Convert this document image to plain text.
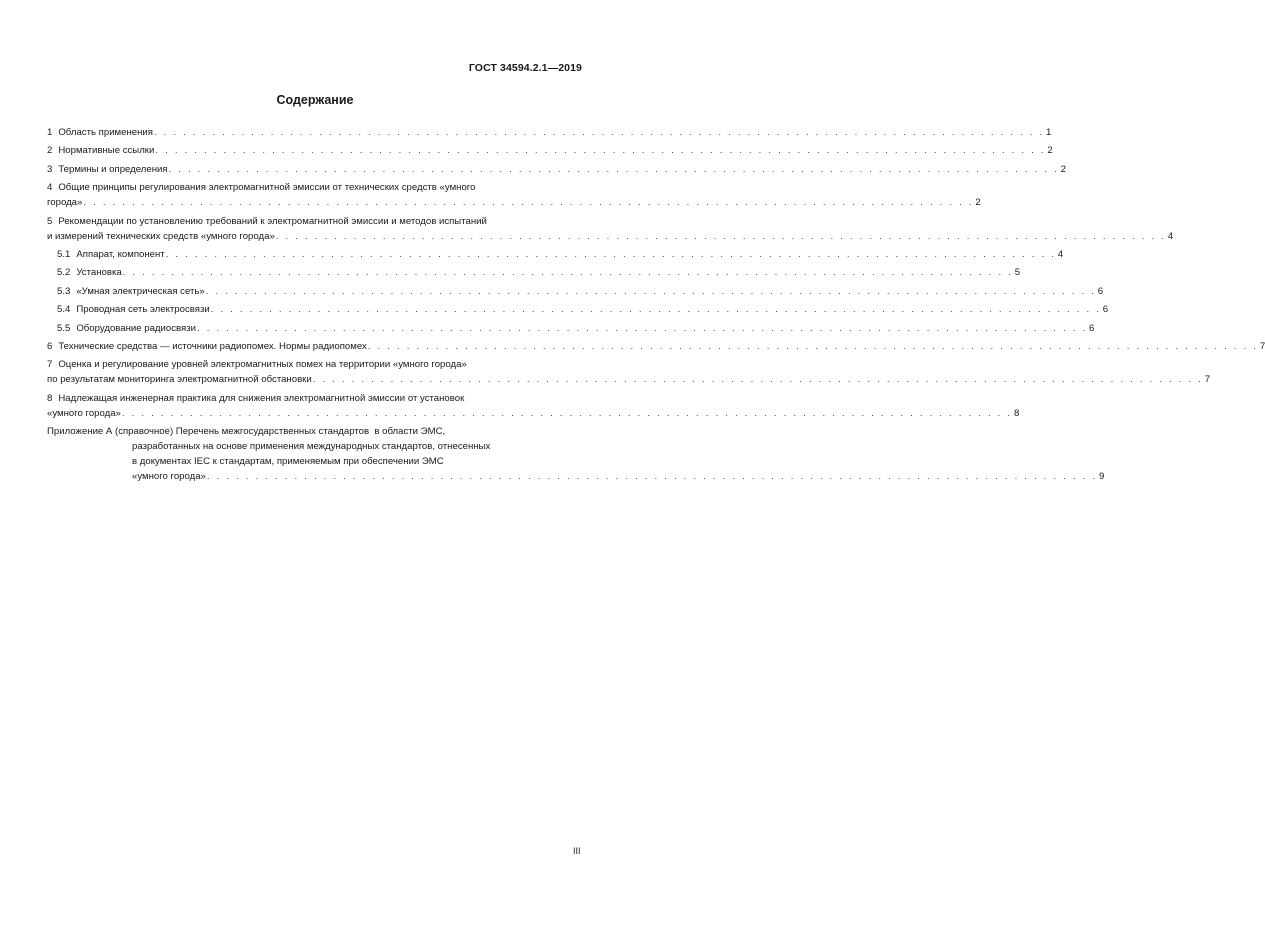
ГОСТ 34594.2.1—2019
Содержание
1 Область применения . . . . . . . . . . . . . . . . . . . . . . . . . . . . . . . . . . . . . . . . . . . . . . . . . . . . . . . . . . . . . . . . . . . . . . . . . . . . . . . . . . . . . . . . . . . . 1
2 Нормативные ссылки . . . . . . . . . . . . . . . . . . . . . . . . . . . . . . . . . . . . . . . . . . . . . . . . . . . . . . . . . . . . . . . . . . . . . . . . . . . . . . . . . . . . . . . . . . . . 2
3 Термины и определения . . . . . . . . . . . . . . . . . . . . . . . . . . . . . . . . . . . . . . . . . . . . . . . . . . . . . . . . . . . . . . . . . . . . . . . . . . . . . . . . . . . . . . . . . . . . 2
4 Общие принципы регулирования электромагнитной эмиссии от технических средств «умного
города» . . . . . . . . . . . . . . . . . . . . . . . . . . . . . . . . . . . . . . . . . . . . . . . . . . . . . . . . . . . . . . . . . . . . . . . . . . . . . . . . . . . . . . . . . . . . 2
5 Рекомендации по установлению требований к электромагнитной эмиссии и методов испытаний
и измерений технических средств «умного города» . . . . . . . . . . . . . . . . . . . . . . . . . . . . . . . . . . . . . . . . . . . . . . . . . . . . . . . . . . . . . . . . . . . . . . . . . . . . . . . . . . . . . . . . . . . . 4
5.1 Аппарат, компонент . . . . . . . . . . . . . . . . . . . . . . . . . . . . . . . . . . . . . . . . . . . . . . . . . . . . . . . . . . . . . . . . . . . . . . . . . . . . . . . . . . . . . . . . . . . . 4
5.2 Установка . . . . . . . . . . . . . . . . . . . . . . . . . . . . . . . . . . . . . . . . . . . . . . . . . . . . . . . . . . . . . . . . . . . . . . . . . . . . . . . . . . . . . . . . . . . . 5
5.3 «Умная электрическая сеть» . . . . . . . . . . . . . . . . . . . . . . . . . . . . . . . . . . . . . . . . . . . . . . . . . . . . . . . . . . . . . . . . . . . . . . . . . . . . . . . . . . . . . . . . . . . . 6
5.4 Проводная сеть электросвязи . . . . . . . . . . . . . . . . . . . . . . . . . . . . . . . . . . . . . . . . . . . . . . . . . . . . . . . . . . . . . . . . . . . . . . . . . . . . . . . . . . . . . . . . . . . . 6
5.5 Оборудование радиосвязи . . . . . . . . . . . . . . . . . . . . . . . . . . . . . . . . . . . . . . . . . . . . . . . . . . . . . . . . . . . . . . . . . . . . . . . . . . . . . . . . . . . . . . . . . . . . 6
6 Технические средства — источники радиопомех. Нормы радиопомех . . . . . . . . . . . . . . . . . . . . . . . . . . . . . . . . . . . . . . . . . . . . . . . . . . . . . . . . . . . . . . . . . . . . . . . . . . . . . . . . . . . . . . . . . . . . 7
7 Оценка и регулирование уровней электромагнитных помех на территории «умного города»
по результатам мониторинга электромагнитной обстановки . . . . . . . . . . . . . . . . . . . . . . . . . . . . . . . . . . . . . . . . . . . . . . . . . . . . . . . . . . . . . . . . . . . . . . . . . . . . . . . . . . . . . . . . . . . . 7
8 Надлежащая инженерная практика для снижения электромагнитной эмиссии от установок
«умного города» . . . . . . . . . . . . . . . . . . . . . . . . . . . . . . . . . . . . . . . . . . . . . . . . . . . . . . . . . . . . . . . . . . . . . . . . . . . . . . . . . . . . . . . . . . . . 8
Приложение А (справочное) Перечень межгосударственных стандартов  в области ЭМС,
разработанных на основе применения международных стандартов, отнесенных
в документах IEC к стандартам, применяемым при обеспечении ЭМС
«умного города» . . . . . . . . . . . . . . . . . . . . . . . . . . . . . . . . . . . . . . . . . . . . . . . . . . . . . . . . . . . . . . . . . . . . . . . . . . . . . . . . . . . . . . . . . . . . 9
III
